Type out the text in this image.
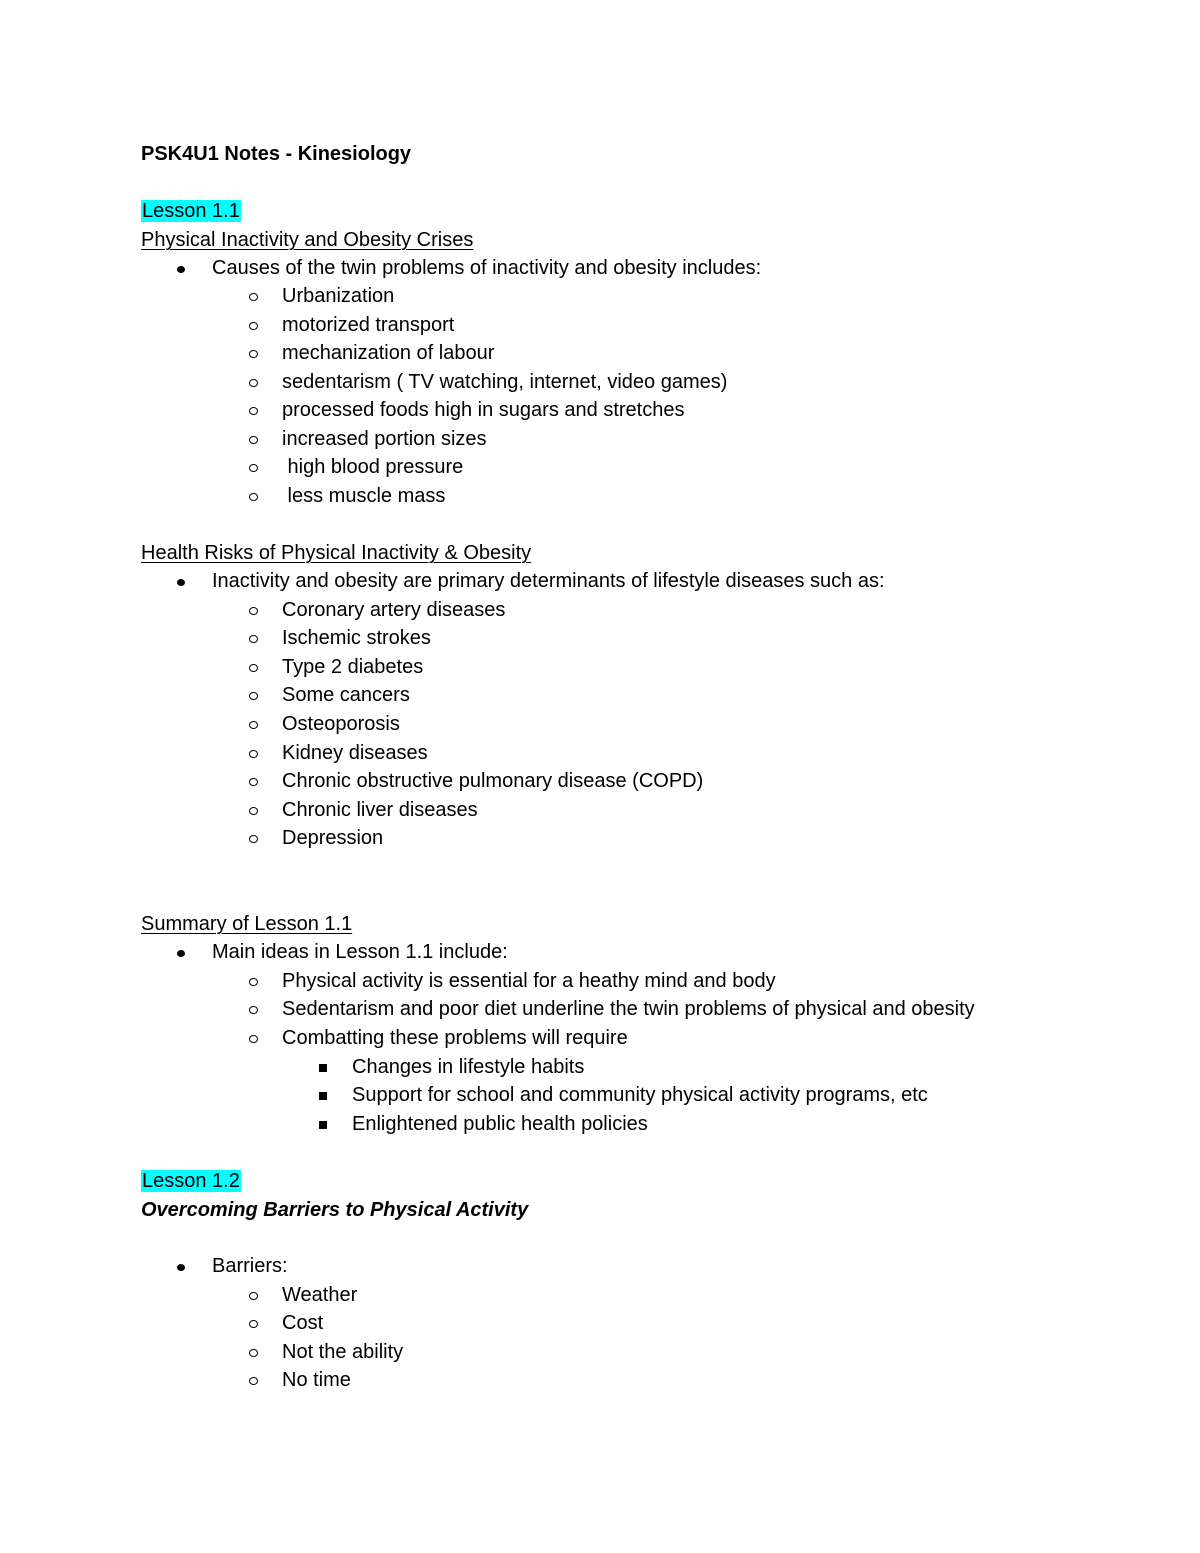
PSK4U1 Notes - Kinesiology
Lesson 1.1
Physical Inactivity and Obesity Crises
Causes of the twin problems of inactivity and obesity includes:
Urbanization
motorized transport
mechanization of labour
sedentarism ( TV watching, internet, video games)
processed foods high in sugars and stretches
increased portion sizes
high blood pressure
less muscle mass
Health Risks of Physical Inactivity & Obesity
Inactivity and obesity are primary determinants of lifestyle diseases such as:
Coronary artery diseases
Ischemic strokes
Type 2 diabetes
Some cancers
Osteoporosis
Kidney diseases
Chronic obstructive pulmonary disease (COPD)
Chronic liver diseases
Depression
Summary of Lesson 1.1
Main ideas in Lesson 1.1 include:
Physical activity is essential for a heathy mind and body
Sedentarism and poor diet underline the twin problems of physical and obesity
Combatting these problems will require
Changes in lifestyle habits
Support for school and community physical activity programs, etc
Enlightened public health policies
Lesson 1.2
Overcoming Barriers to Physical Activity
Barriers:
Weather
Cost
Not the ability
No time
